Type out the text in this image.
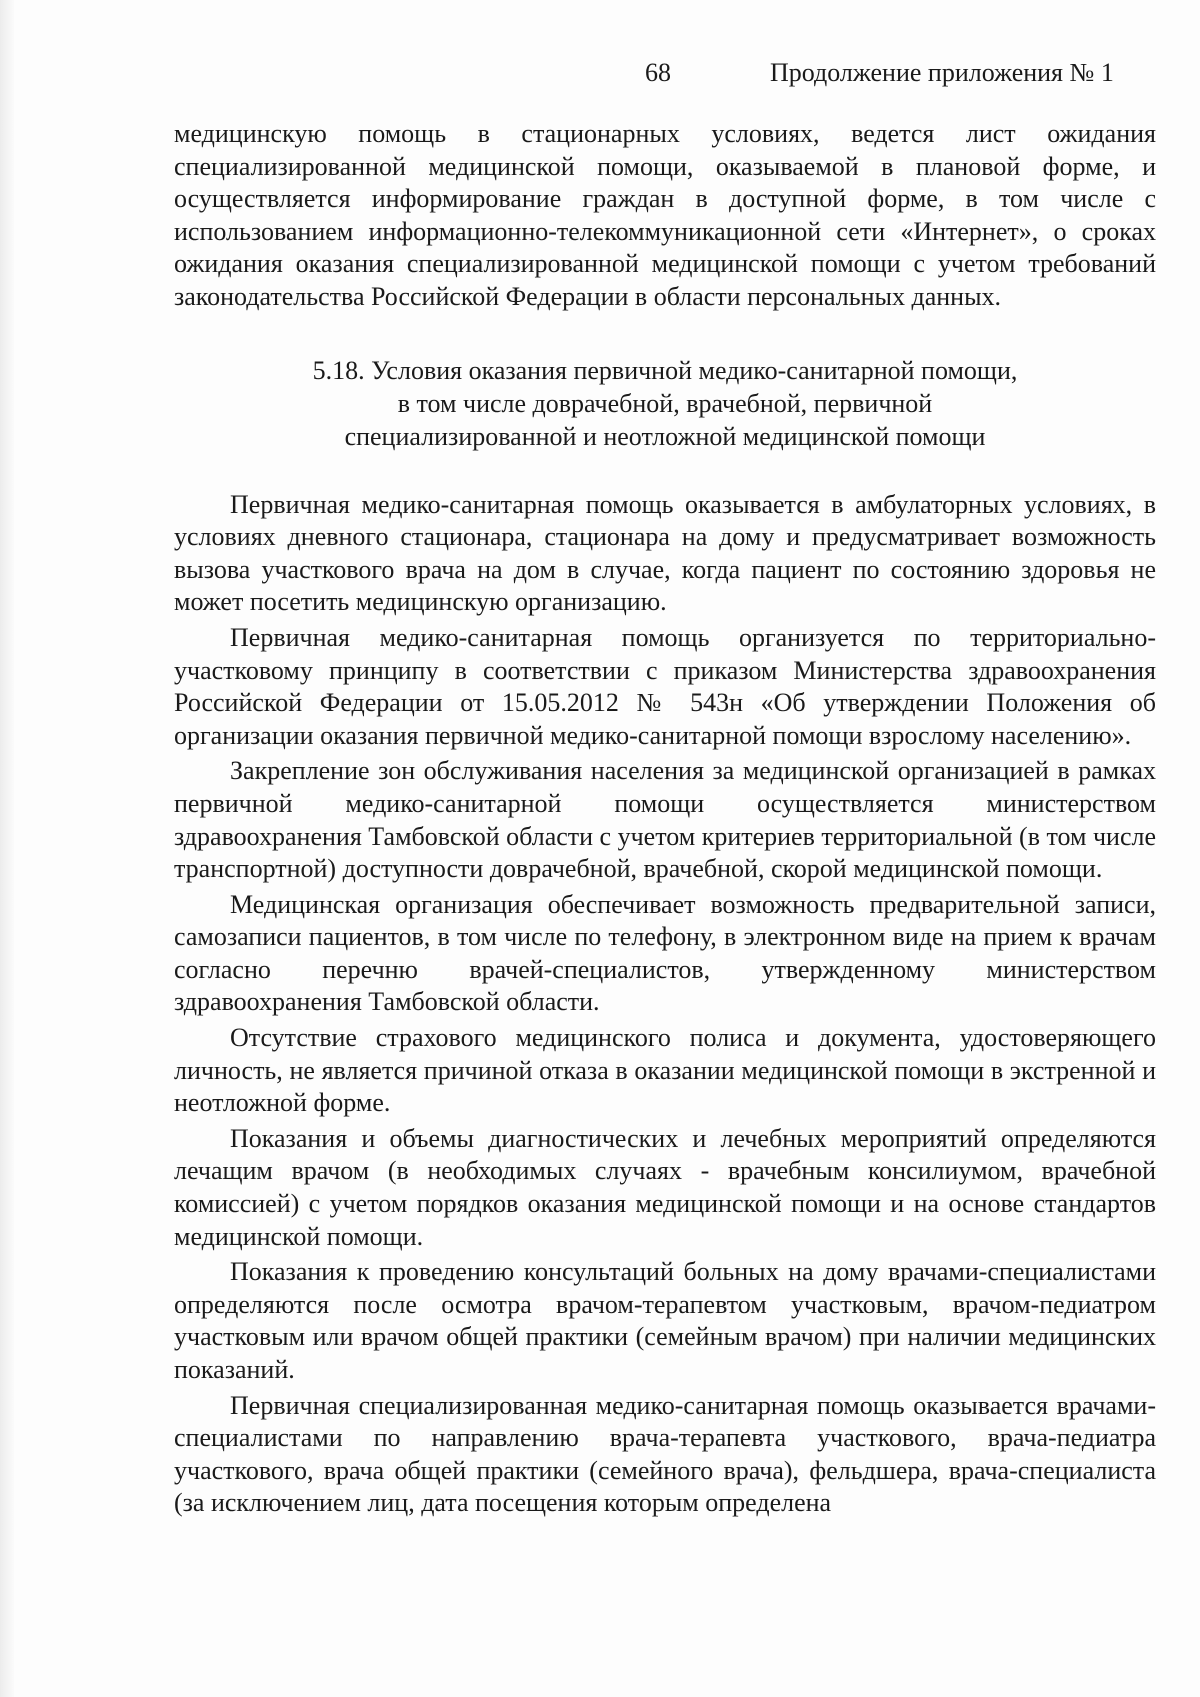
68	Продолжение приложения № 1

медицинскую помощь в стационарных условиях, ведется лист ожидания специализированной медицинской помощи, оказываемой в плановой форме, и осуществляется информирование граждан в доступной форме, в том числе с использованием информационно-телекоммуникационной сети «Интернет», о сроках ожидания оказания специализированной медицинской помощи с учетом требований законодательства Российской Федерации в области персональных данных.

5.18. Условия оказания первичной медико-санитарной помощи,
в том числе доврачебной, врачебной, первичной
специализированной и неотложной медицинской помощи

Первичная медико-санитарная помощь оказывается в амбулаторных условиях, в условиях дневного стационара, стационара на дому и предусматривает возможность вызова участкового врача на дом в случае, когда пациент по состоянию здоровья не может посетить медицинскую организацию.

Первичная медико-санитарная помощь организуется по территориально-участковому принципу в соответствии с приказом Министерства здравоохранения Российской Федерации от 15.05.2012 № 543н «Об утверждении Положения об организации оказания первичной медико-санитарной помощи взрослому населению».

Закрепление зон обслуживания населения за медицинской организацией в рамках первичной медико-санитарной помощи осуществляется министерством здравоохранения Тамбовской области с учетом критериев территориальной (в том числе транспортной) доступности доврачебной, врачебной, скорой медицинской помощи.

Медицинская организация обеспечивает возможность предварительной записи, самозаписи пациентов, в том числе по телефону, в электронном виде на прием к врачам согласно перечню врачей-специалистов, утвержденному министерством здравоохранения Тамбовской области.

Отсутствие страхового медицинского полиса и документа, удостоверяющего личность, не является причиной отказа в оказании медицинской помощи в экстренной и неотложной форме.

Показания и объемы диагностических и лечебных мероприятий определяются лечащим врачом (в необходимых случаях - врачебным консилиумом, врачебной комиссией) с учетом порядков оказания медицинской помощи и на основе стандартов медицинской помощи.

Показания к проведению консультаций больных на дому врачами-специалистами определяются после осмотра врачом-терапевтом участковым, врачом-педиатром участковым или врачом общей практики (семейным врачом) при наличии медицинских показаний.

Первичная специализированная медико-санитарная помощь оказывается врачами-специалистами по направлению врача-терапевта участкового, врача-педиатра участкового, врача общей практики (семейного врача), фельдшера, врача-специалиста (за исключением лиц, дата посещения которым определена
